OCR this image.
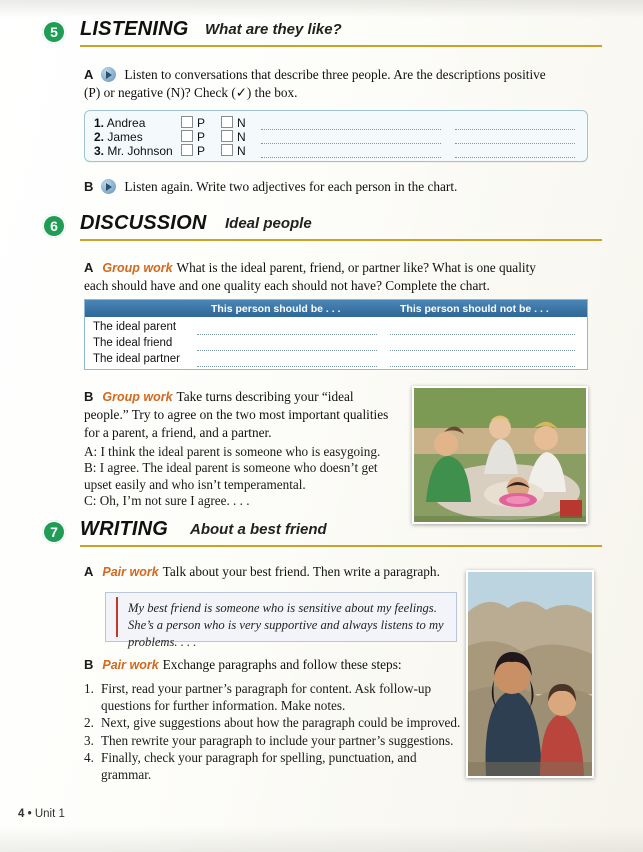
5	LISTENING What are they like?
A Listen to conversations that describe three people. Are the descriptions positive (P) or negative (N)? Check (✓) the box.
1. Andrea	P	N
2. James	P	N
3. Mr. Johnson	P	N
B Listen again. Write two adjectives for each person in the chart.
6	DISCUSSION Ideal people
A Group work What is the ideal parent, friend, or partner like? What is one quality each should have and one quality each should not have? Complete the chart.
This person should be . . .	This person should not be . . .
The ideal parent
The ideal friend
The ideal partner
B Group work Take turns describing your “ideal people.” Try to agree on the two most important qualities for a parent, a friend, and a partner.
A: I think the ideal parent is someone who is easygoing.
B: I agree. The ideal parent is someone who doesn’t get upset easily and who isn’t temperamental.
C: Oh, I’m not sure I agree. . . .
7	WRITING About a best friend
A Pair work Talk about your best friend. Then write a paragraph.
My best friend is someone who is sensitive about my feelings. She’s a person who is very supportive and always listens to my problems. . . .
B Pair work Exchange paragraphs and follow these steps:
1. First, read your partner’s paragraph for content. Ask follow-up questions for further information. Make notes.
2. Next, give suggestions about how the paragraph could be improved.
3. Then rewrite your paragraph to include your partner’s suggestions.
4. Finally, check your paragraph for spelling, punctuation, and grammar.
4 • Unit 1
